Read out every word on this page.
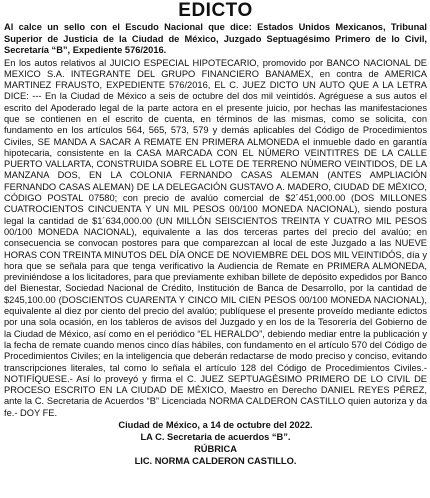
EDICTO

Al calce un sello con el Escudo Nacional que dice: Estados Unidos Mexicanos, Tribunal Superior de Justicia de la Ciudad de México, Juzgado Septuagésimo Primero de lo Civil, Secretaría “B”, Expediente 576/2016.

En los autos relativos al JUICIO ESPECIAL HIPOTECARIO, promovido por BANCO NACIONAL DE MEXICO S.A. INTEGRANTE DEL GRUPO FINANCIERO BANAMEX, en contra de AMERICA MARTINEZ FRAUSTO, EXPEDIENTE 576/2016, EL C. JUEZ DICTO UN AUTO QUE A LA LETRA DICE: --- En la Ciudad de México a seis de octubre del dos mil veintidós. Agréguese a sus autos el escrito del Apoderado legal de la parte actora en el presente juicio, por hechas las manifestaciones que se contienen en el escrito de cuenta, en términos de las mismas, como se solicita, con fundamento en los artículos 564, 565, 573, 579 y demás aplicables del Código de Procedimientos Civiles, SE MANDA A SACAR A REMATE EN PRIMERA ALMONEDA el inmueble dado en garantía hipotecaria, consistente en la CASA MARCADA CON EL NÚMERO VEINTITRES DE LA CALLE PUERTO VALLARTA, CONSTRUIDA SOBRE EL LOTE DE TERRENO NÚMERO VEINTIDOS, DE LA MANZANA DOS, EN LA COLONIA FERNANDO CASAS ALEMAN (ANTES AMPLIACIÓN FERNANDO CASAS ALEMAN) DE LA DELEGACIÓN GUSTAVO A. MADERO, CIUDAD DE MÉXICO, CÓDIGO POSTAL 07580; con precio de avalúo comercial de $2´451,000.00 (DOS MILLONES CUATROCIENTOS CINCUENTA Y UN MIL PESOS 00/100 MONEDA NACIONAL), siendo postura legal la cantidad de $1´634,000.00 (UN MILLÓN SEISCIENTOS TREINTA Y CUATRO MIL PESOS 00/100 MONEDA NACIONAL), equivalente a las dos terceras partes del precio del avalúo; en consecuencia se convocan postores para que comparezcan al local de este Juzgado a las NUEVE HORAS CON TREINTA MINUTOS DEL DÍA ONCE DE NOVIEMBRE DEL DOS MIL VEINTIDÓS, día y hora que se señala para que tenga verificativo la Audiencia de Remate en PRIMERA ALMONEDA, previniéndose a los licitadores, para que previamente exhiban billete de depósito expedidos por Banco del Bienestar, Sociedad Nacional de Crédito, Institución de Banca de Desarrollo, por la cantidad de $245,100.00 (DOSCIENTOS CUARENTA Y CINCO MIL CIEN PESOS 00/100 MONEDA NACIONAL), equivalente al diez por ciento del precio del avalúo; publíquese el presente proveído mediante edictos por una sola ocasión, en los tableros de avisos del Juzgado y en los de la Tesorería del Gobierno de la Ciudad de México, así como en el periódico “EL HERALDO”, debiendo mediar entre la publicación y la fecha de remate cuando menos cinco días hábiles, con fundamento en el artículo 570 del Código de Procedimientos Civiles; en la inteligencia que deberán redactarse de modo preciso y conciso, evitando transcripciones literales, tal como lo señala el artículo 128 del Código de Procedimientos Civiles.- NOTIFÍQUESE.- Así lo proveyó y firma el C. JUEZ SEPTUAGÉSIMO PRIMERO DE LO CIVIL DE PROCESO ESCRITO EN LA CIUDAD DE MÉXICO, Maestro en Derecho DANIEL REYES PÉREZ, ante la C. Secretaria de Acuerdos “B” Licenciada NORMA CALDERON CASTILLO quien autoriza y da fe.- DOY FE.

Ciudad de México, a 14 de octubre del 2022.
LA C. Secretaria de acuerdos “B”.
RÚBRICA
LIC. NORMA CALDERON CASTILLO.
